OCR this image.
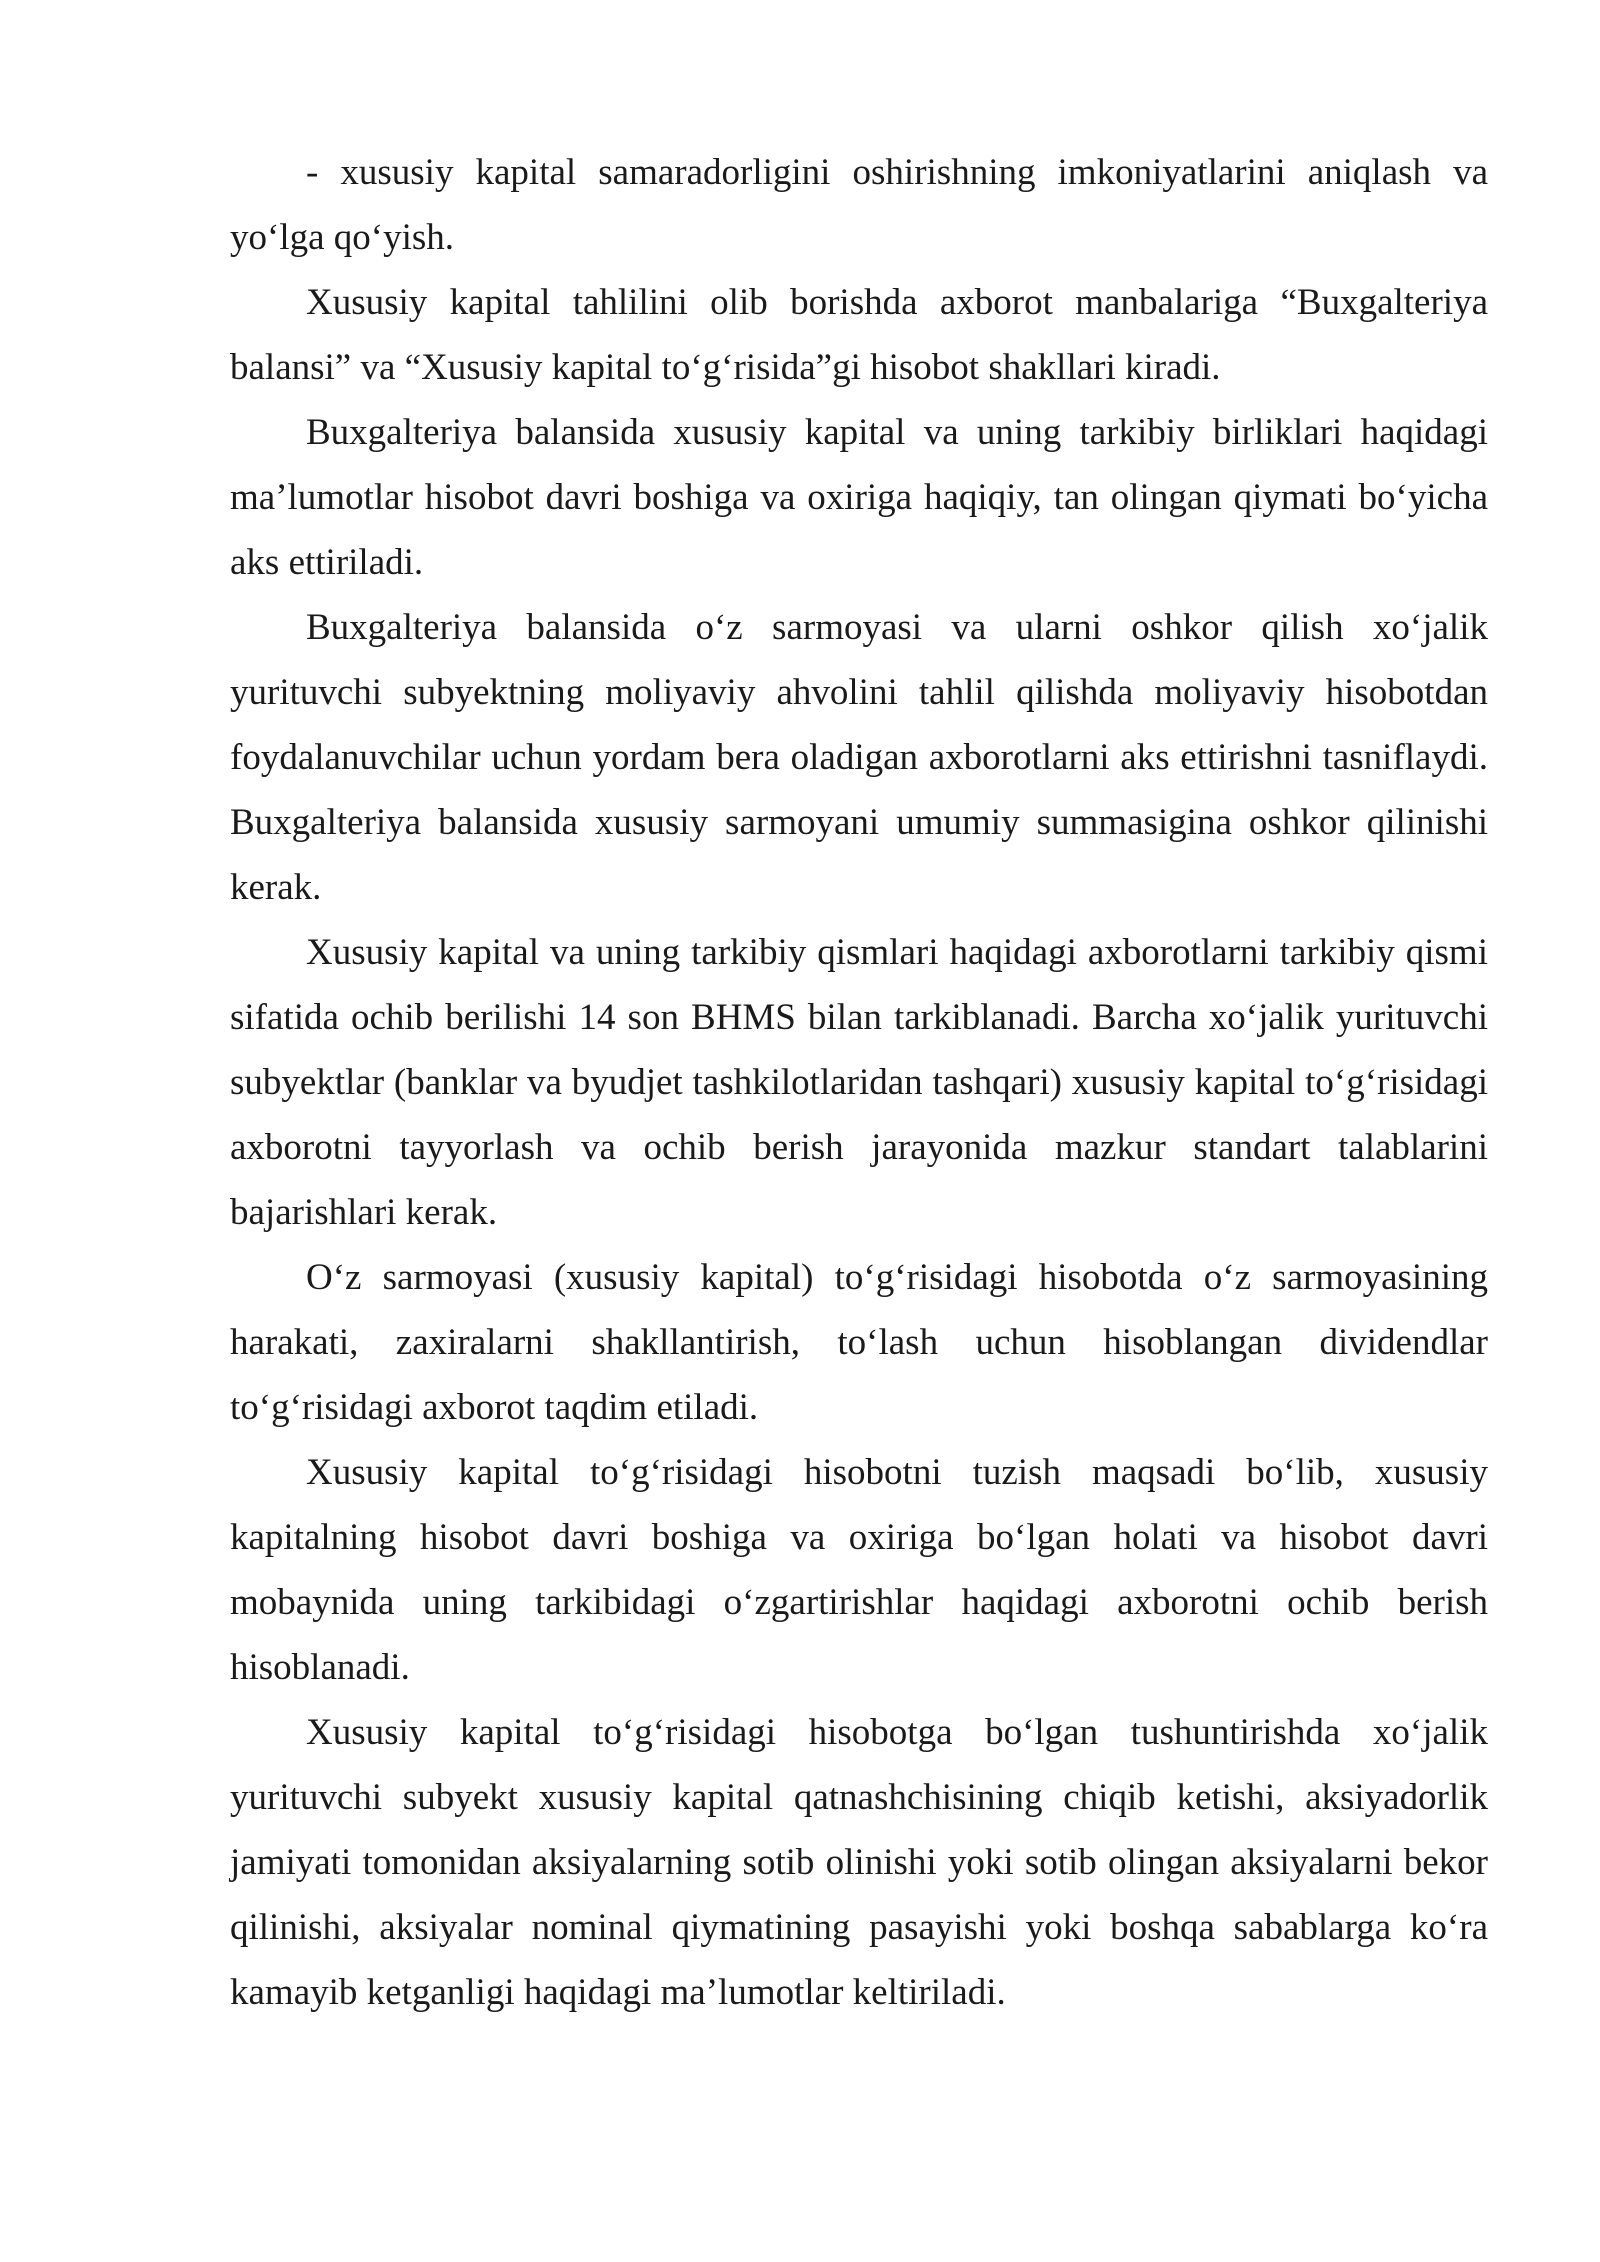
- xususiy kapital samaradorligini oshirishning imkoniyatlarini aniqlash va yo‘lga qo‘yish.

Xususiy kapital tahlilini olib borishda axborot manbalariga “Buxgalteriya balansi” va “Xususiy kapital to‘g‘risida”gi hisobot shakllari kiradi.

Buxgalteriya balansida xususiy kapital va uning tarkibiy birliklari haqidagi ma’lumotlar hisobot davri boshiga va oxiriga haqiqiy, tan olingan qiymati bo‘yicha aks ettiriladi.

Buxgalteriya balansida o‘z sarmoyasi va ularni oshkor qilish xo‘jalik yurituvchi subyektning moliyaviy ahvolini tahlil qilishda moliyaviy hisobotdan foydalanuvchilar uchun yordam bera oladigan axborotlarni aks ettirishni tasniflaydi. Buxgalteriya balansida xususiy sarmoyani umumiy summasigina oshkor qilinishi kerak.

Xususiy kapital va uning tarkibiy qismlari haqidagi axborotlarni tarkibiy qismi sifatida ochib berilishi 14 son BHMS bilan tarkiblanadi. Barcha xo‘jalik yurituvchi subyektlar (banklar va byudjet tashkilotlaridan tashqari) xususiy kapital to‘g‘risidagi axborotni tayyorlash va ochib berish jarayonida mazkur standart talablarini bajarishlari kerak.

O‘z sarmoyasi (xususiy kapital) to‘g‘risidagi hisobotda o‘z sarmoyasining harakati, zaxiralarni shakllantirish, to‘lash uchun hisoblangan dividendlar to‘g‘risidagi axborot taqdim etiladi.

Xususiy kapital to‘g‘risidagi hisobotni tuzish maqsadi bo‘lib, xususiy kapitalning hisobot davri boshiga va oxiriga bo‘lgan holati va hisobot davri mobaynida uning tarkibidagi o‘zgartirishlar haqidagi axborotni ochib berish hisoblanadi.

Xususiy kapital to‘g‘risidagi hisobotga bo‘lgan tushuntirishda xo‘jalik yurituvchi subyekt xususiy kapital qatnashchisining chiqib ketishi, aksiyadorlik jamiyati tomonidan aksiyalarning sotib olinishi yoki sotib olingan aksiyalarni bekor qilinishi, aksiyalar nominal qiymatining pasayishi yoki boshqa sabablarga ko‘ra kamayib ketganligi haqidagi ma’lumotlar keltiriladi.
